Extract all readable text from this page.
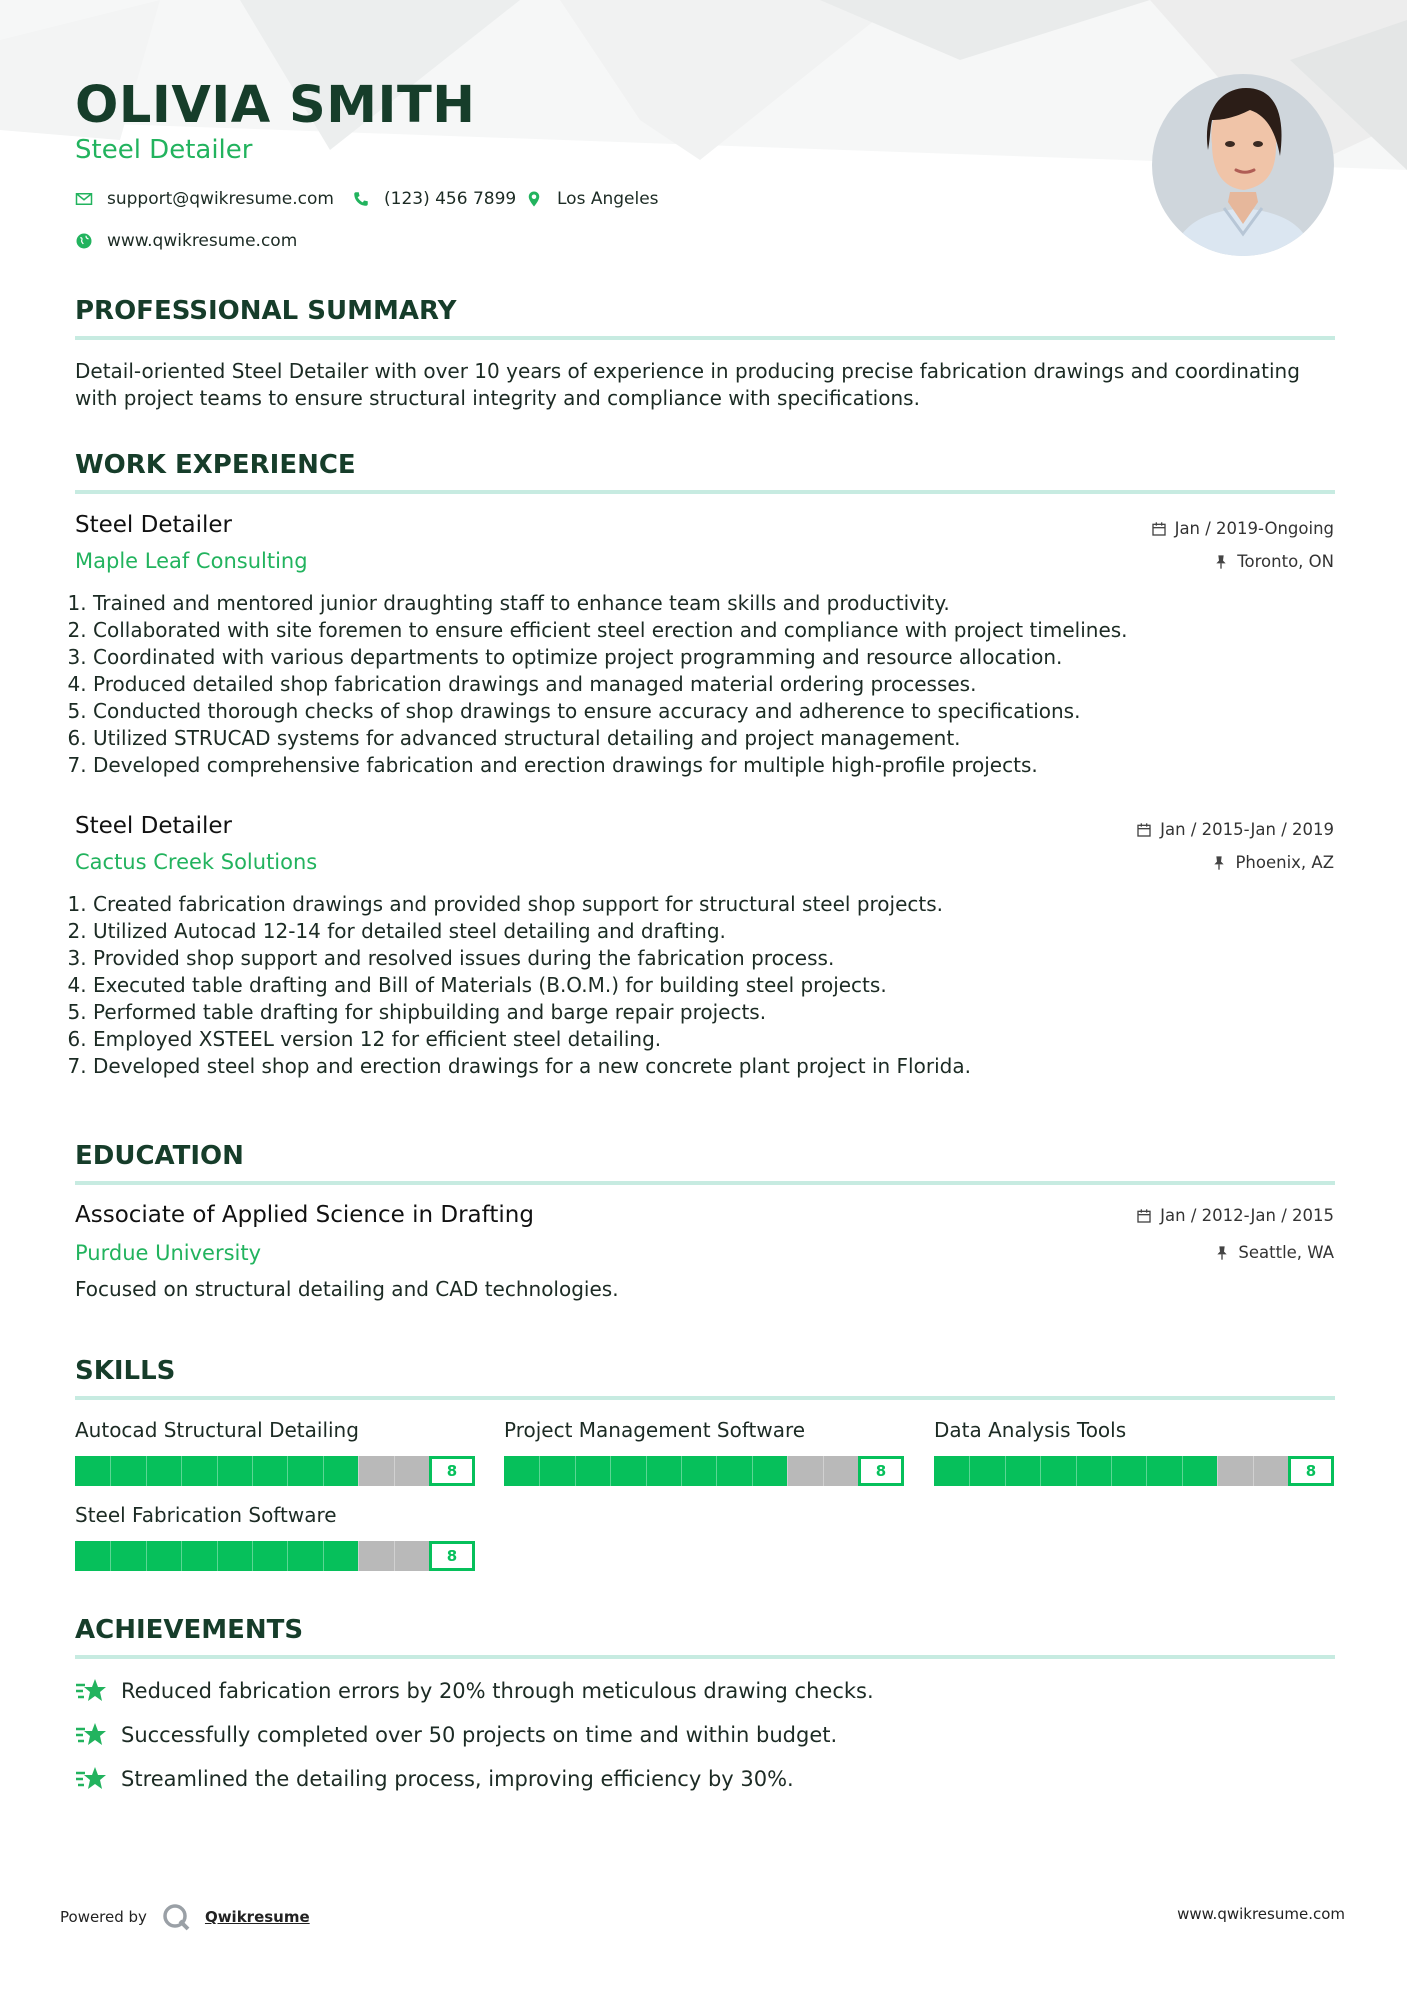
OLIVIA SMITH
Steel Detailer
support@qwikresume.com	(123) 456 7899 Los Angeles
www.qwikresume.com
PROFESSIONAL SUMMARY
Detail-oriented Steel Detailer with over 10 years of experience in producing precise fabrication drawings and coordinating with project teams to ensure structural integrity and compliance with specifications.
WORK EXPERIENCE
Steel Detailer
Maple Leaf Consulting
Jan / 2019-Ongoing
Toronto, ON
1. Trained and mentored junior draughting staff to enhance team skills and productivity.
2. Collaborated with site foremen to ensure efficient steel erection and compliance with project timelines.
3. Coordinated with various departments to optimize project programming and resource allocation.
4. Produced detailed shop fabrication drawings and managed material ordering processes.
5. Conducted thorough checks of shop drawings to ensure accuracy and adherence to specifications.
6. Utilized STRUCAD systems for advanced structural detailing and project management.
7. Developed comprehensive fabrication and erection drawings for multiple high-profile projects.
Steel Detailer
Cactus Creek Solutions
Jan / 2015-Jan / 2019
Phoenix, AZ
1. Created fabrication drawings and provided shop support for structural steel projects.
2. Utilized Autocad 12-14 for detailed steel detailing and drafting.
3. Provided shop support and resolved issues during the fabrication process.
4. Executed table drafting and Bill of Materials (B.O.M.) for building steel projects.
5. Performed table drafting for shipbuilding and barge repair projects.
6. Employed XSTEEL version 12 for efficient steel detailing.
7. Developed steel shop and erection drawings for a new concrete plant project in Florida.
EDUCATION
Associate of Applied Science in Drafting
Purdue University
Jan / 2012-Jan / 2015
Seattle, WA
Focused on structural detailing and CAD technologies.
SKILLS
Autocad Structural Detailing
8
Project Management Software
8
Data Analysis Tools
8
Steel Fabrication Software
8
ACHIEVEMENTS
Reduced fabrication errors by 20% through meticulous drawing checks.
Successfully completed over 50 projects on time and within budget.
Streamlined the detailing process, improving efficiency by 30%.
Powered by	Qwikresume	www.qwikresume.com
